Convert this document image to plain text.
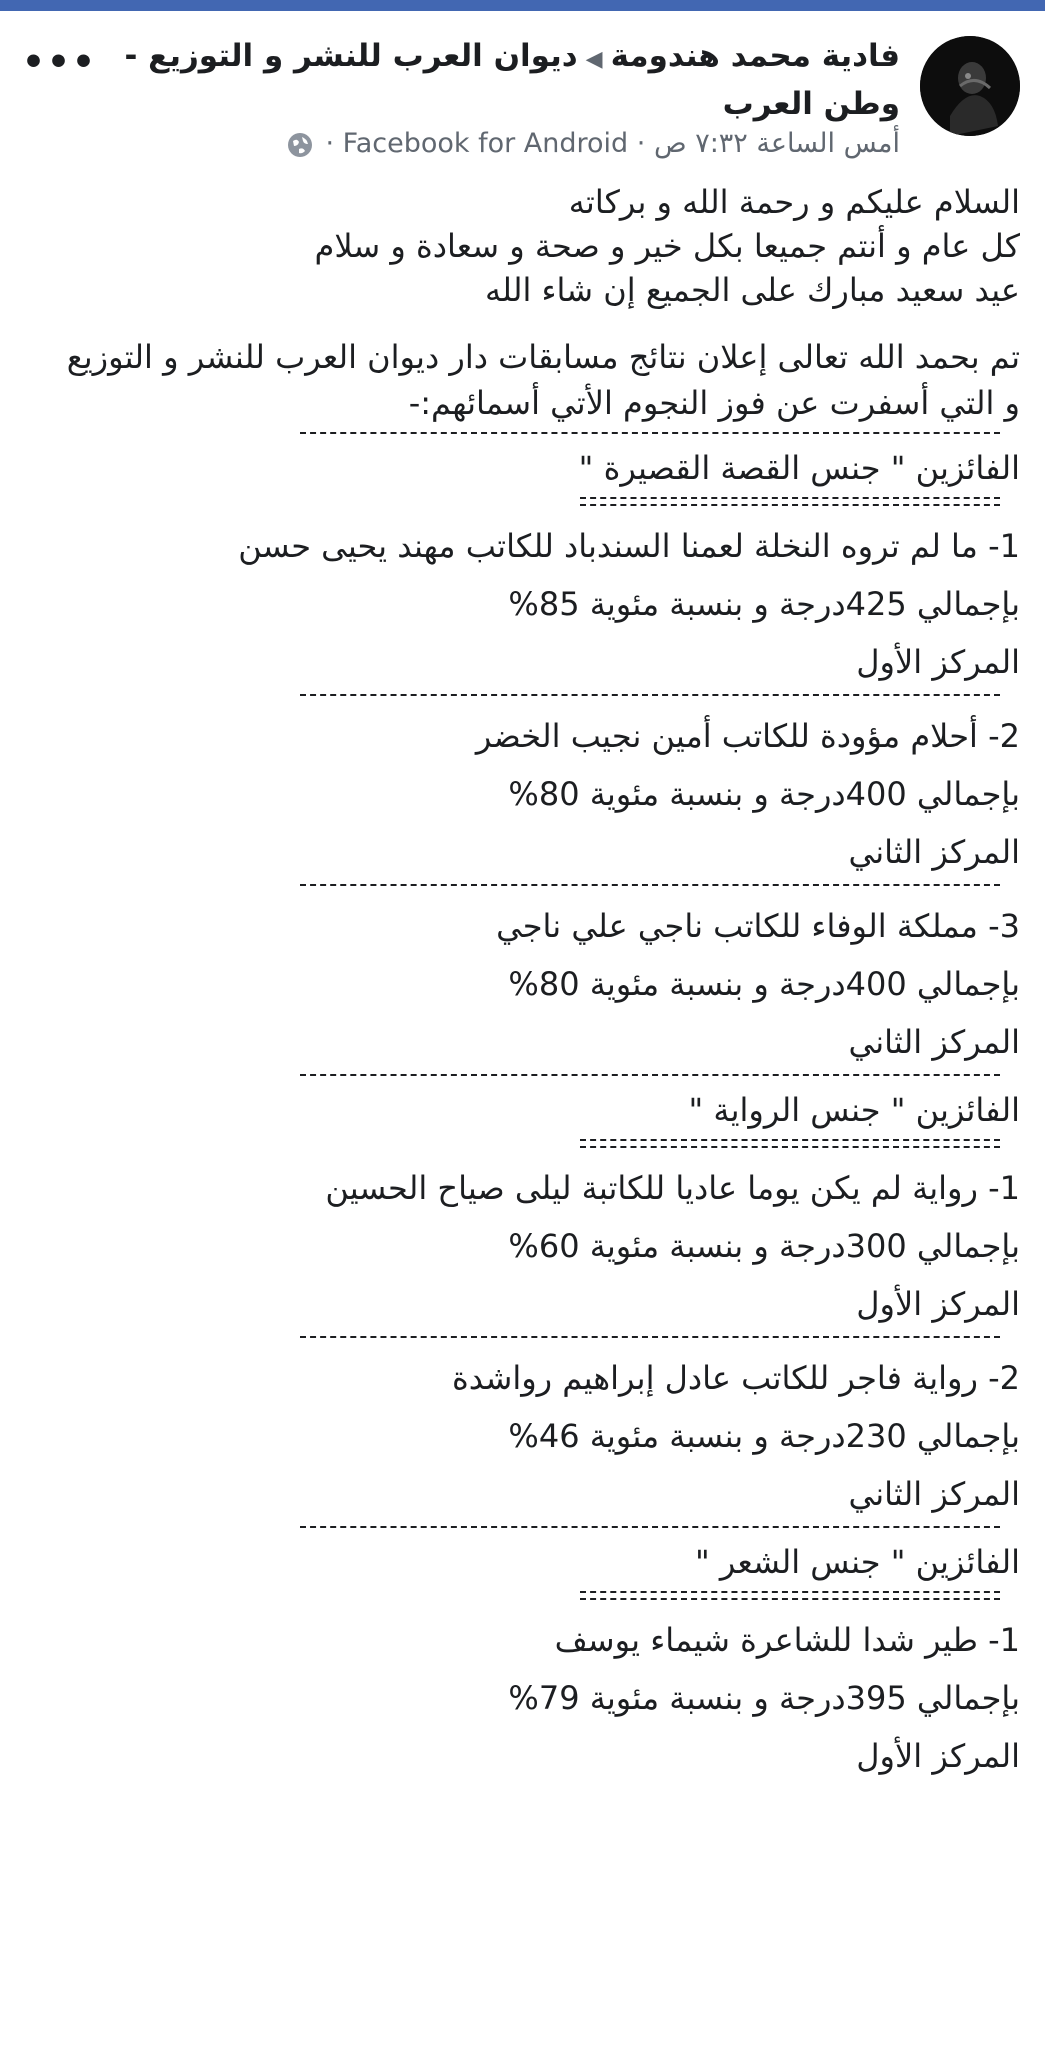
•••	فادية محمد هندومة◀ديوان العرب للنشر و التوزيع - وطن العرب
أمس الساعة ٧:٣٢ ص · Facebook for Android ·
السلام عليكم و رحمة الله و بركاته
كل عام و أنتم جميعا بكل خير و صحة و سعادة و سلام
عيد سعيد مبارك على الجميع إن شاء الله
تم بحمد الله تعالى إعلان نتائج مسابقات دار ديوان العرب للنشر و التوزيع
و التي أسفرت عن فوز النجوم الأتي أسمائهم:-
الفائزين " جنس القصة القصيرة "
1- ما لم تروه النخلة لعمنا السندباد للكاتب مهند يحيى حسن
بإجمالي 425درجة و بنسبة مئوية 85%
المركز الأول
2- أحلام مؤودة للكاتب أمين نجيب الخضر
بإجمالي 400درجة و بنسبة مئوية 80%
المركز الثاني
3- مملكة الوفاء للكاتب ناجي علي ناجي
بإجمالي 400درجة و بنسبة مئوية 80%
المركز الثاني
الفائزين " جنس الرواية "
1- رواية لم يكن يوما عاديا للكاتبة ليلى صياح الحسين
بإجمالي 300درجة و بنسبة مئوية 60%
المركز الأول
2- رواية فاجر للكاتب عادل إبراهيم رواشدة
بإجمالي 230درجة و بنسبة مئوية 46%
المركز الثاني
الفائزين " جنس الشعر "
1- طير شدا للشاعرة شيماء يوسف
بإجمالي 395درجة و بنسبة مئوية 79%
المركز الأول
